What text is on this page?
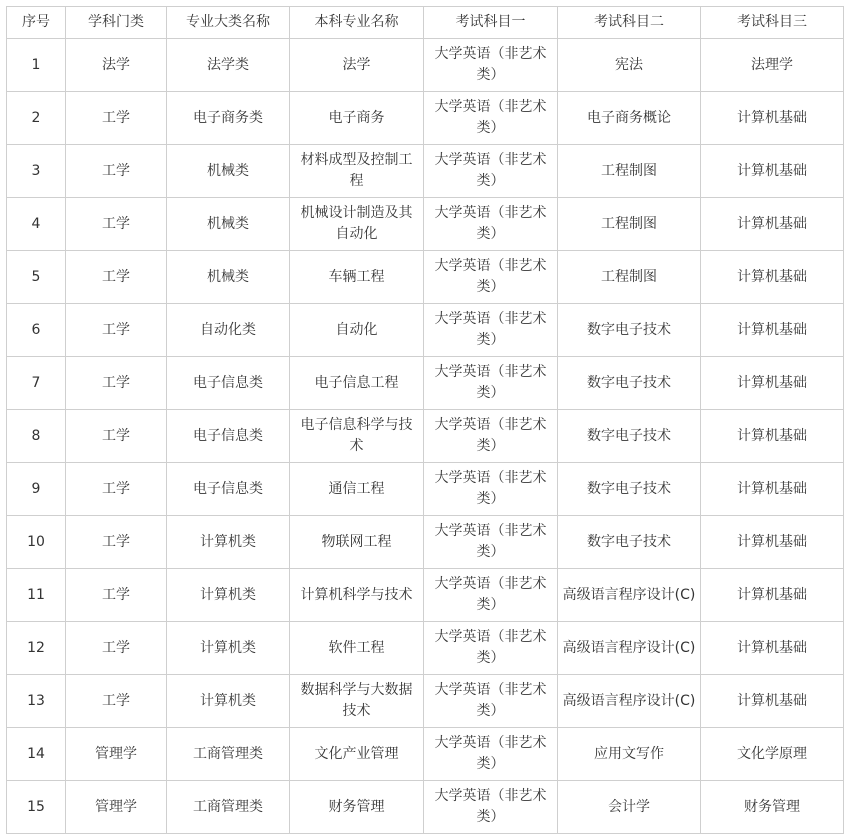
序号	学科门类	专业大类名称	本科专业名称	考试科目一	考试科目二	考试科目三
1	法学	法学类	法学	大学英语（非艺术类）	宪法	法理学
2	工学	电子商务类	电子商务	大学英语（非艺术类）	电子商务概论	计算机基础
3	工学	机械类	材料成型及控制工程	大学英语（非艺术类）	工程制图	计算机基础
4	工学	机械类	机械设计制造及其自动化	大学英语（非艺术类）	工程制图	计算机基础
5	工学	机械类	车辆工程	大学英语（非艺术类）	工程制图	计算机基础
6	工学	自动化类	自动化	大学英语（非艺术类）	数字电子技术	计算机基础
7	工学	电子信息类	电子信息工程	大学英语（非艺术类）	数字电子技术	计算机基础
8	工学	电子信息类	电子信息科学与技术	大学英语（非艺术类）	数字电子技术	计算机基础
9	工学	电子信息类	通信工程	大学英语（非艺术类）	数字电子技术	计算机基础
10	工学	计算机类	物联网工程	大学英语（非艺术类）	数字电子技术	计算机基础
11	工学	计算机类	计算机科学与技术	大学英语（非艺术类）	高级语言程序设计(C)	计算机基础
12	工学	计算机类	软件工程	大学英语（非艺术类）	高级语言程序设计(C)	计算机基础
13	工学	计算机类	数据科学与大数据技术	大学英语（非艺术类）	高级语言程序设计(C)	计算机基础
14	管理学	工商管理类	文化产业管理	大学英语（非艺术类）	应用文写作	文化学原理
15	管理学	工商管理类	财务管理	大学英语（非艺术类）	会计学	财务管理
